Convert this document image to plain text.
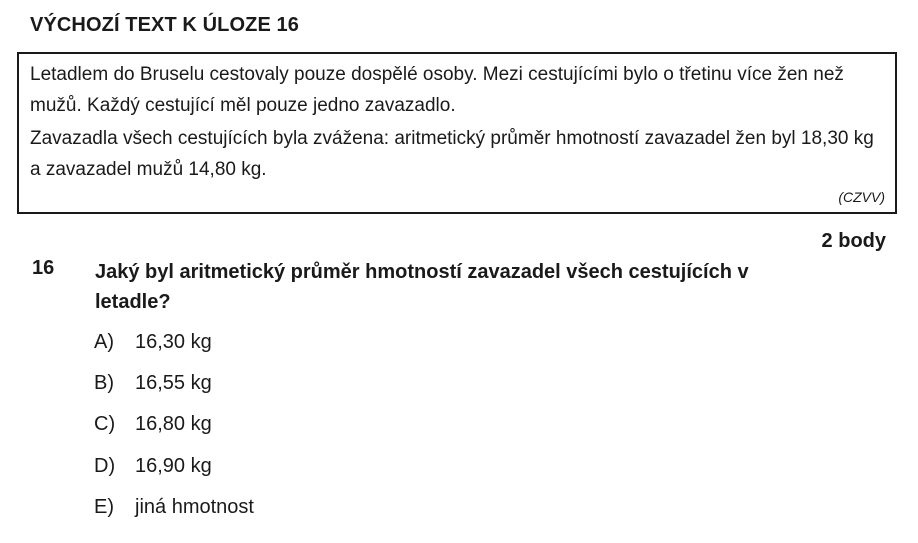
VÝCHOZÍ TEXT K ÚLOZE 16
Letadlem do Bruselu cestovaly pouze dospělé osoby. Mezi cestujícími bylo o třetinu více žen než mužů. Každý cestující měl pouze jedno zavazadlo.
Zavazadla všech cestujících byla zvážena: aritmetický průměr hmotností zavazadel žen byl 18,30 kg a zavazadel mužů 14,80 kg.
(CZVV)
2 body
16 Jaký byl aritmetický průměr hmotností zavazadel všech cestujících v letadle?
A) 16,30 kg
B) 16,55 kg
C) 16,80 kg
D) 16,90 kg
E) jiná hmotnost
